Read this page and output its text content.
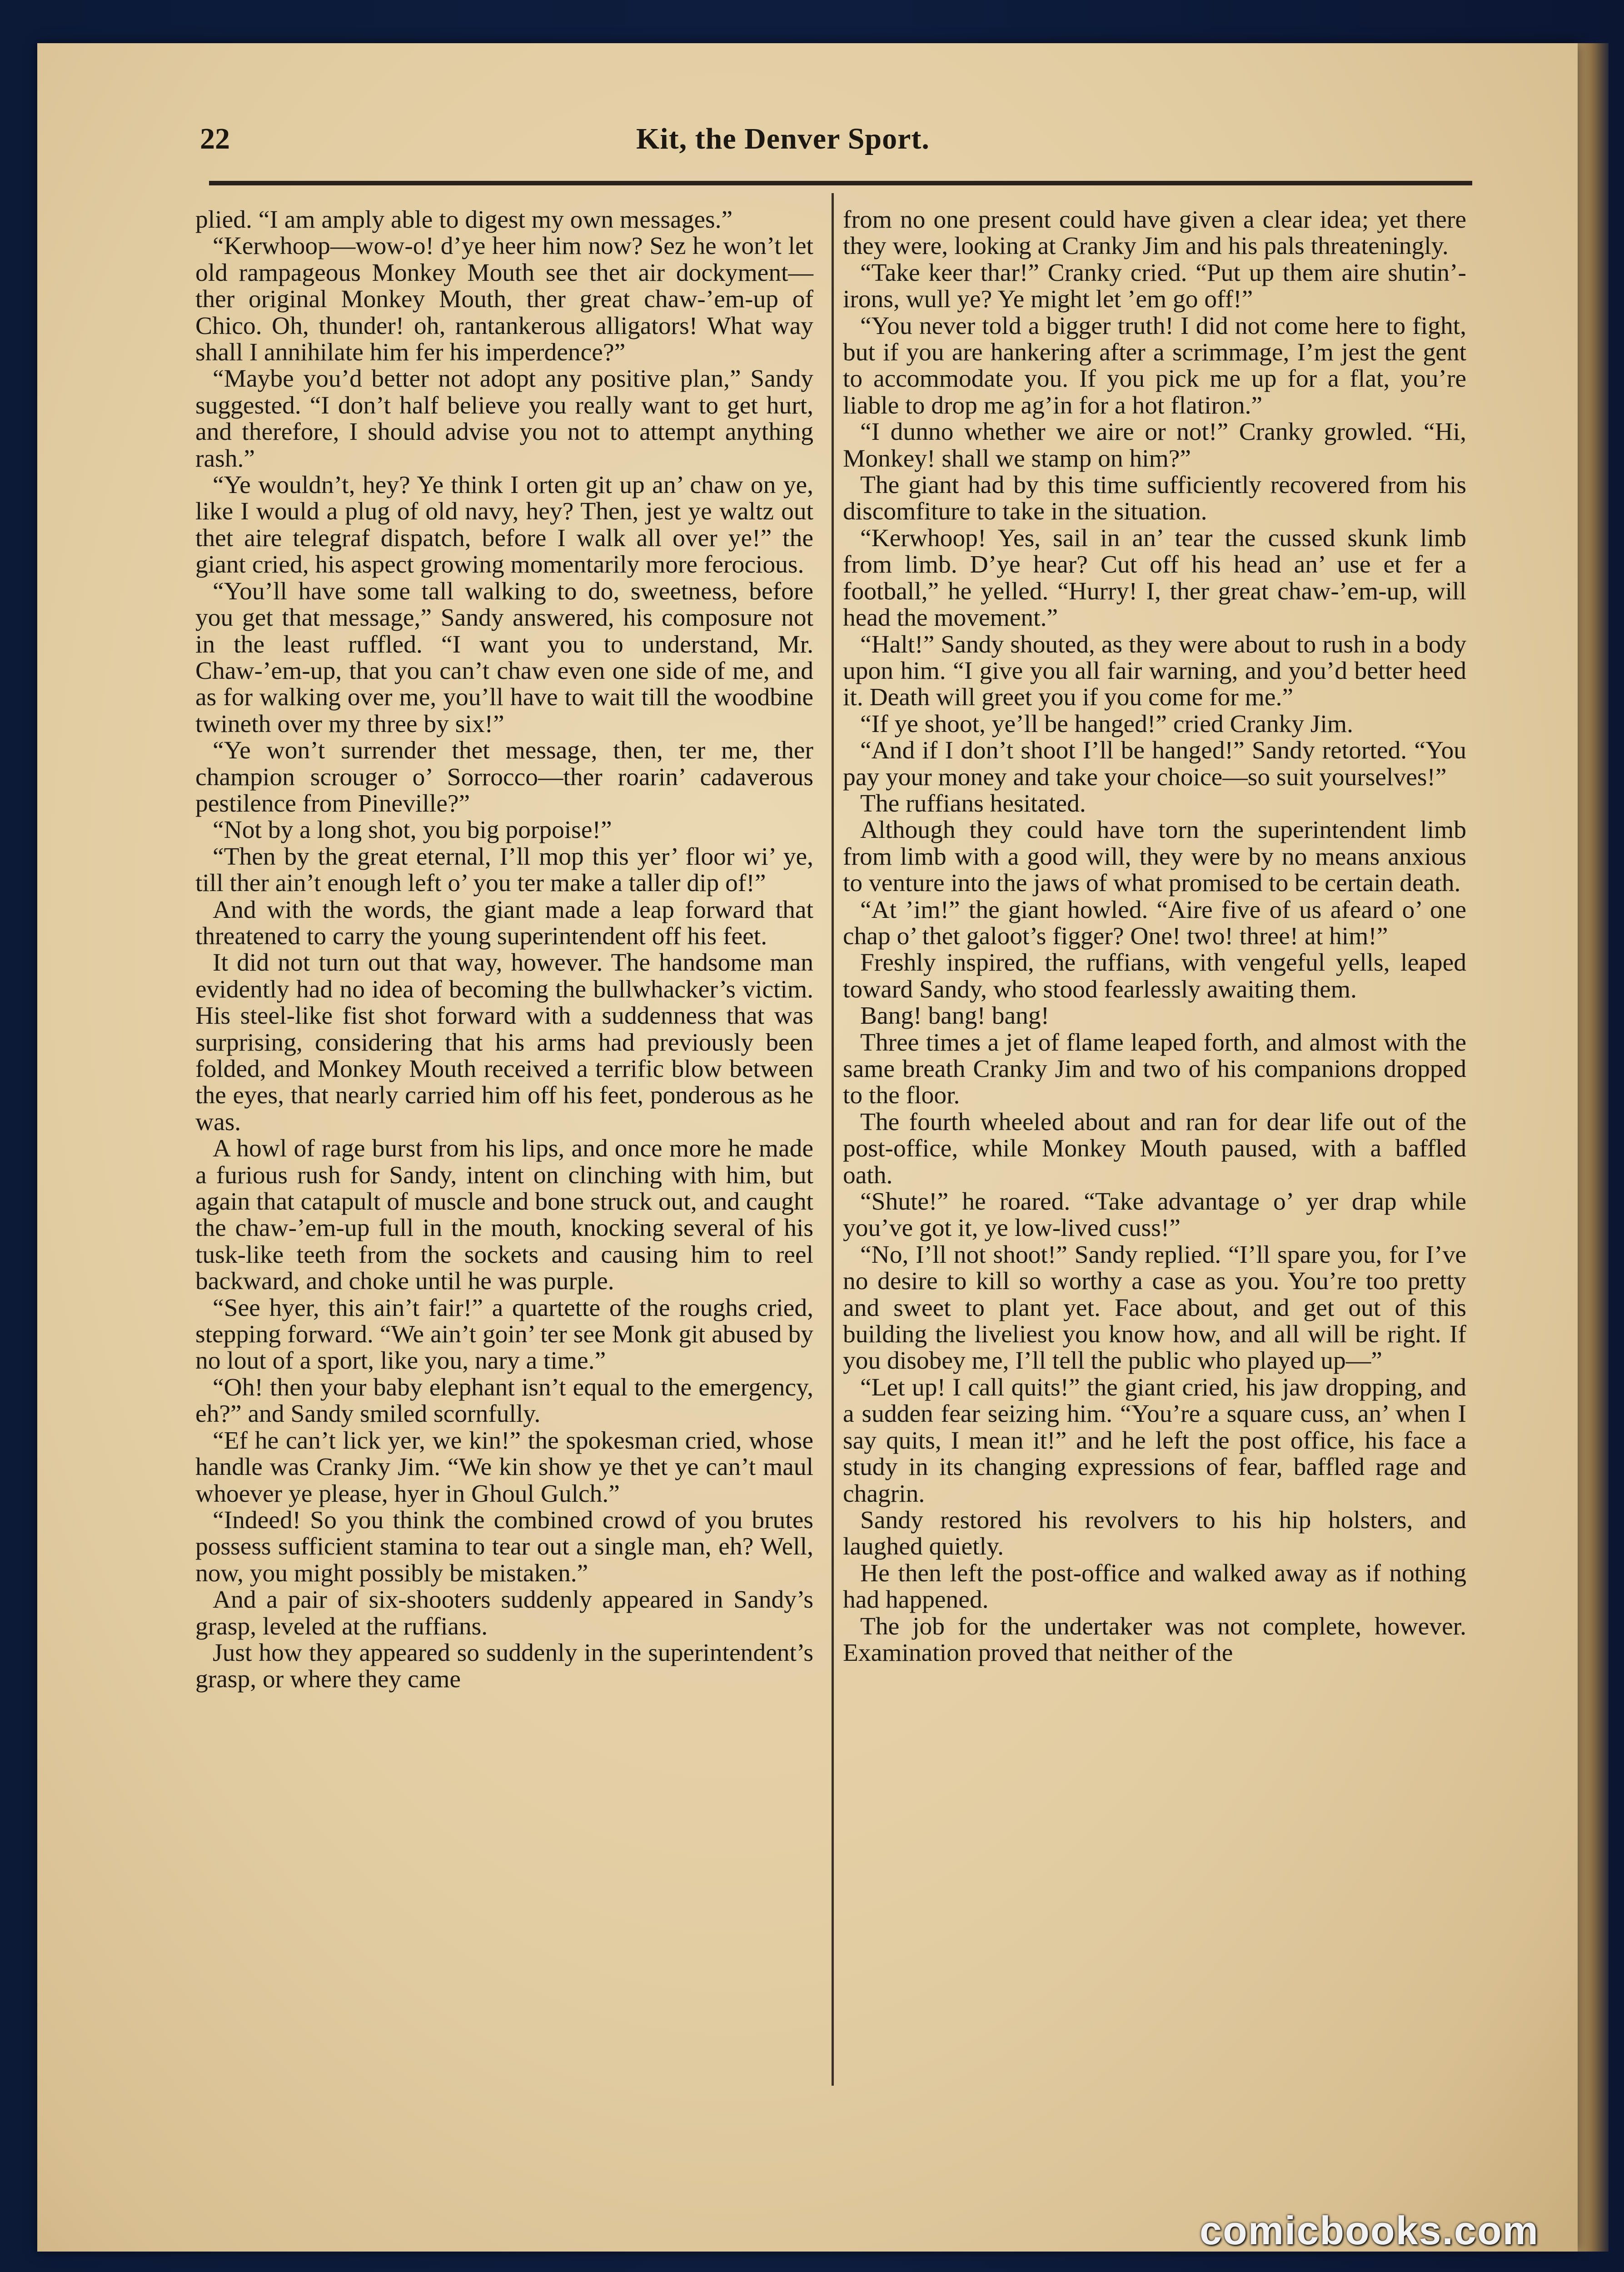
22	Kit, the Denver Sport.

plied. “I am amply able to digest my own messages.”

“Kerwhoop—wow-o! d’ye heer him now? Sez he won’t let old rampageous Monkey Mouth see thet air dockyment—ther original Monkey Mouth, ther great chaw-’em-up of Chico. Oh, thunder! oh, rantankerous alligators! What way shall I annihilate him fer his imperdence?”

“Maybe you’d better not adopt any positive plan,” Sandy suggested. “I don’t half believe you really want to get hurt, and therefore, I should advise you not to attempt anything rash.”

“Ye wouldn’t, hey? Ye think I orten git up an’ chaw on ye, like I would a plug of old navy, hey? Then, jest ye waltz out thet aire telegraf dispatch, before I walk all over ye!” the giant cried, his aspect growing momentarily more ferocious.

“You’ll have some tall walking to do, sweetness, before you get that message,” Sandy answered, his composure not in the least ruffled. “I want you to understand, Mr. Chaw-’em-up, that you can’t chaw even one side of me, and as for walking over me, you’ll have to wait till the woodbine twineth over my three by six!”

“Ye won’t surrender thet message, then, ter me, ther champion scrouger o’ Sorrocco—ther roarin’ cadaverous pestilence from Pineville?”

“Not by a long shot, you big porpoise!”

“Then by the great eternal, I’ll mop this yer’ floor wi’ ye, till ther ain’t enough left o’ you ter make a taller dip of!”

And with the words, the giant made a leap forward that threatened to carry the young superintendent off his feet.

It did not turn out that way, however. The handsome man evidently had no idea of becoming the bullwhacker’s victim. His steel-like fist shot forward with a suddenness that was surprising, considering that his arms had previously been folded, and Monkey Mouth received a terrific blow between the eyes, that nearly carried him off his feet, ponderous as he was.

A howl of rage burst from his lips, and once more he made a furious rush for Sandy, intent on clinching with him, but again that catapult of muscle and bone struck out, and caught the chaw-’em-up full in the mouth, knocking several of his tusk-like teeth from the sockets and causing him to reel backward, and choke until he was purple.

“See hyer, this ain’t fair!” a quartette of the roughs cried, stepping forward. “We ain’t goin’ ter see Monk git abused by no lout of a sport, like you, nary a time.”

“Oh! then your baby elephant isn’t equal to the emergency, eh?” and Sandy smiled scornfully.

“Ef he can’t lick yer, we kin!” the spokesman cried, whose handle was Cranky Jim. “We kin show ye thet ye can’t maul whoever ye please, hyer in Ghoul Gulch.”

“Indeed! So you think the combined crowd of you brutes possess sufficient stamina to tear out a single man, eh? Well, now, you might possibly be mistaken.”

And a pair of six-shooters suddenly appeared in Sandy’s grasp, leveled at the ruffians.

Just how they appeared so suddenly in the superintendent’s grasp, or where they came

from no one present could have given a clear idea; yet there they were, looking at Cranky Jim and his pals threateningly.

“Take keer thar!” Cranky cried. “Put up them aire shutin’-irons, wull ye? Ye might let ’em go off!”

“You never told a bigger truth! I did not come here to fight, but if you are hankering after a scrimmage, I’m jest the gent to accommodate you. If you pick me up for a flat, you’re liable to drop me ag’in for a hot flatiron.”

“I dunno whether we aire or not!” Cranky growled. “Hi, Monkey! shall we stamp on him?”

The giant had by this time sufficiently recovered from his discomfiture to take in the situation.

“Kerwhoop! Yes, sail in an’ tear the cussed skunk limb from limb. D’ye hear? Cut off his head an’ use et fer a football,” he yelled. “Hurry! I, ther great chaw-’em-up, will head the movement.”

“Halt!” Sandy shouted, as they were about to rush in a body upon him. “I give you all fair warning, and you’d better heed it. Death will greet you if you come for me.”

“If ye shoot, ye’ll be hanged!” cried Cranky Jim.

“And if I don’t shoot I’ll be hanged!” Sandy retorted. “You pay your money and take your choice—so suit yourselves!”

The ruffians hesitated.

Although they could have torn the superintendent limb from limb with a good will, they were by no means anxious to venture into the jaws of what promised to be certain death.

“At ’im!” the giant howled. “Aire five of us afeard o’ one chap o’ thet galoot’s figger? One! two! three! at him!”

Freshly inspired, the ruffians, with vengeful yells, leaped toward Sandy, who stood fearlessly awaiting them.

Bang! bang! bang!

Three times a jet of flame leaped forth, and almost with the same breath Cranky Jim and two of his companions dropped to the floor.

The fourth wheeled about and ran for dear life out of the post-office, while Monkey Mouth paused, with a baffled oath.

“Shute!” he roared. “Take advantage o’ yer drap while you’ve got it, ye low-lived cuss!”

“No, I’ll not shoot!” Sandy replied. “I’ll spare you, for I’ve no desire to kill so worthy a case as you. You’re too pretty and sweet to plant yet. Face about, and get out of this building the liveliest you know how, and all will be right. If you disobey me, I’ll tell the public who played up—”

“Let up! I call quits!” the giant cried, his jaw dropping, and a sudden fear seizing him. “You’re a square cuss, an’ when I say quits, I mean it!” and he left the post office, his face a study in its changing expressions of fear, baffled rage and chagrin.

Sandy restored his revolvers to his hip holsters, and laughed quietly.

He then left the post-office and walked away as if nothing had happened.

The job for the undertaker was not complete, however. Examination proved that neither of the

comicbooks.com
